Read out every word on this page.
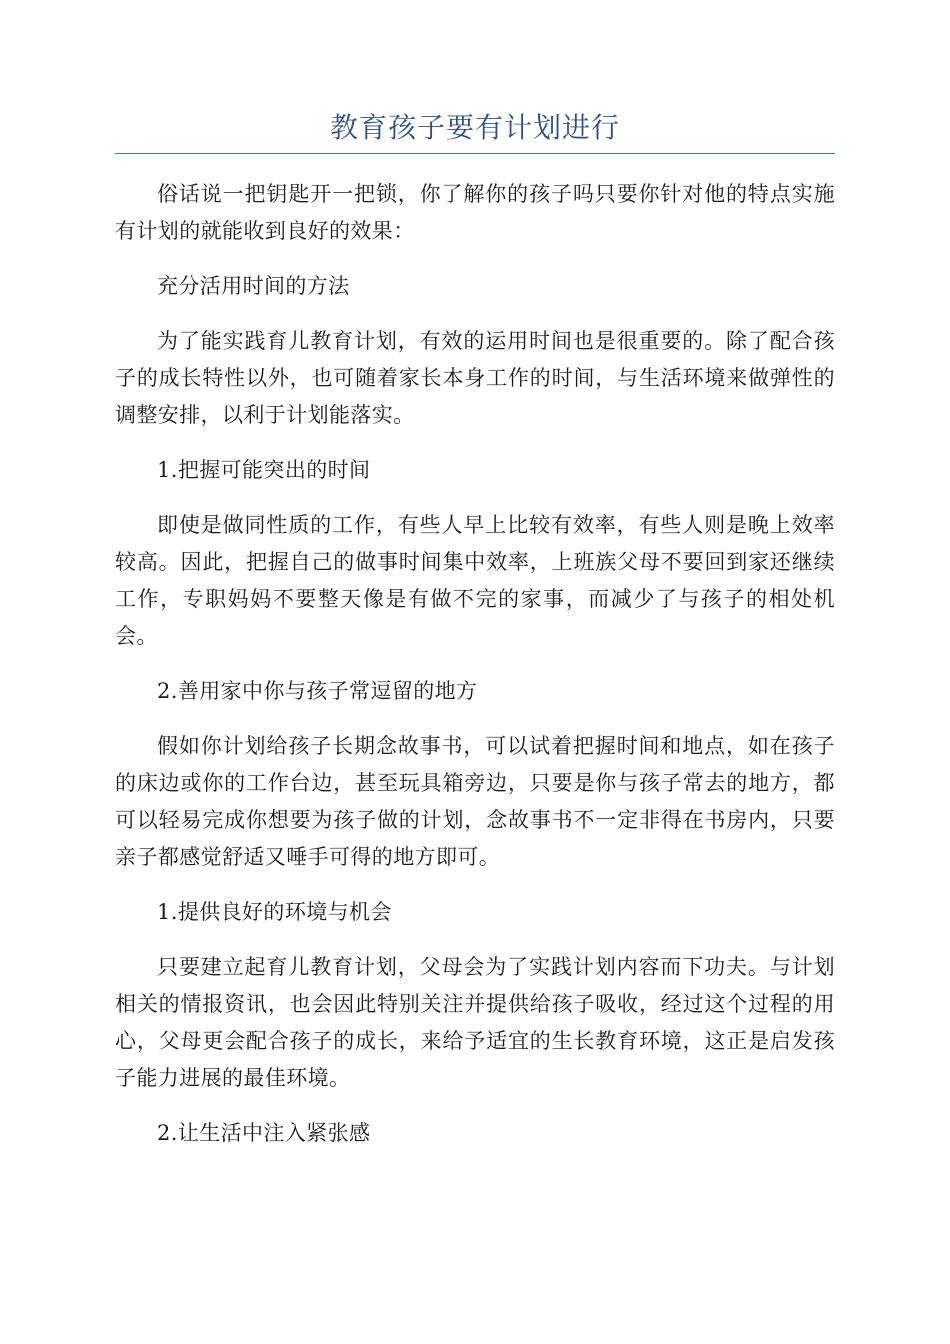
教育孩子要有计划进行

俗话说一把钥匙开一把锁，你了解你的孩子吗只要你针对他的特点实施有计划的就能收到良好的效果：

充分活用时间的方法

为了能实践育儿教育计划，有效的运用时间也是很重要的。除了配合孩子的成长特性以外，也可随着家长本身工作的时间，与生活环境来做弹性的调整安排，以利于计划能落实。

1.把握可能突出的时间

即使是做同性质的工作，有些人早上比较有效率，有些人则是晚上效率较高。因此，把握自己的做事时间集中效率，上班族父母不要回到家还继续工作，专职妈妈不要整天像是有做不完的家事，而减少了与孩子的相处机会。

2.善用家中你与孩子常逗留的地方

假如你计划给孩子长期念故事书，可以试着把握时间和地点，如在孩子的床边或你的工作台边，甚至玩具箱旁边，只要是你与孩子常去的地方，都可以轻易完成你想要为孩子做的计划，念故事书不一定非得在书房内，只要亲子都感觉舒适又唾手可得的地方即可。

1.提供良好的环境与机会

只要建立起育儿教育计划，父母会为了实践计划内容而下功夫。与计划相关的情报资讯，也会因此特别关注并提供给孩子吸收，经过这个过程的用心，父母更会配合孩子的成长，来给予适宜的生长教育环境，这正是启发孩子能力进展的最佳环境。

2.让生活中注入紧张感
